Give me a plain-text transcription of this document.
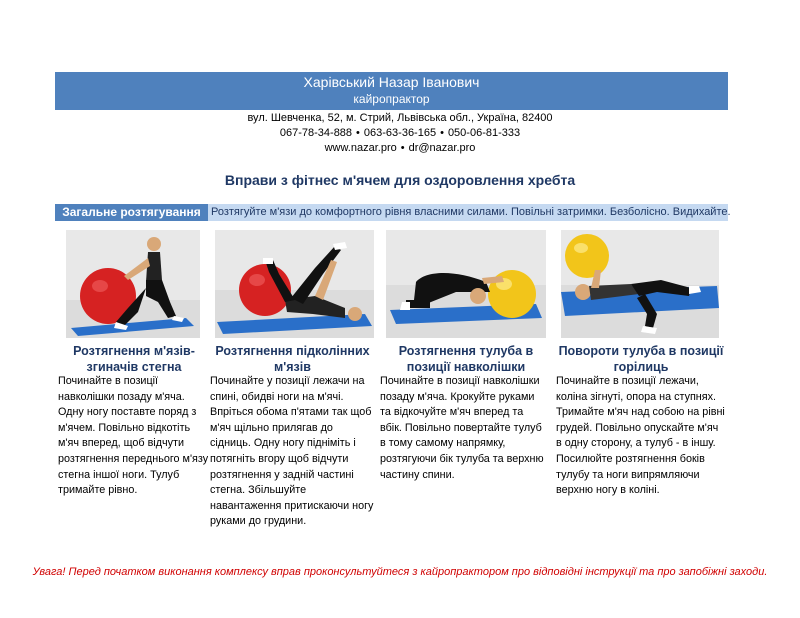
Харівський Назар Іванович
кайропрактор
вул. Шевченка, 52, м. Стрий, Львівська обл., Україна, 82400
067-78-34-888 • 063-63-36-165 • 050-06-81-333
www.nazar.pro • dr@nazar.pro
Вправи з фітнес м'ячем для оздоровлення хребта
Загальне розтягування Розтягуйте м'язи до комфортного рівня власними силами. Повільні затримки. Безболісно. Видихайте.
Розтягнення м'язів-згиначів стегна
Розтягнення підколінних м'язів
Розтягнення тулуба в позиції навколішки
Повороти тулуба в позиції горілиць
Починайте в позиції навколішки позаду м'яча. Одну ногу поставте поряд з м'ячем. Повільно відкотіть м'яч вперед, щоб відчути розтягнення переднього м'язу стегна іншої ноги. Тулуб тримайте рівно.
Починайте у позиції лежачи на спині, обидві ноги на м'ячі. Впріться обома п'ятами так щоб м'яч щільно прилягав до сідниць. Одну ногу підніміть і потягніть вгору щоб відчути розтягнення у задній частині стегна. Збільшуйте навантаження притискаючи ногу руками до грудини.
Починайте в позиції навколішки позаду м'яча. Крокуйте руками та відкочуйте м'яч вперед та вбік. Повільно повертайте тулуб в тому самому напрямку, розтягуючи бік тулуба та верхню частину спини.
Починайте в позиції лежачи, коліна зігнуті, опора на ступнях. Тримайте м'яч над собою на рівні грудей. Повільно опускайте м'яч в одну сторону, а тулуб - в іншу. Посилюйте розтягнення боків тулубу та ноги випрямляючи верхню ногу в коліні.
Увага! Перед початком виконання комплексу вправ проконсультуйтеся з кайропрактором про відповідні інструкції та про запобіжні заходи.
